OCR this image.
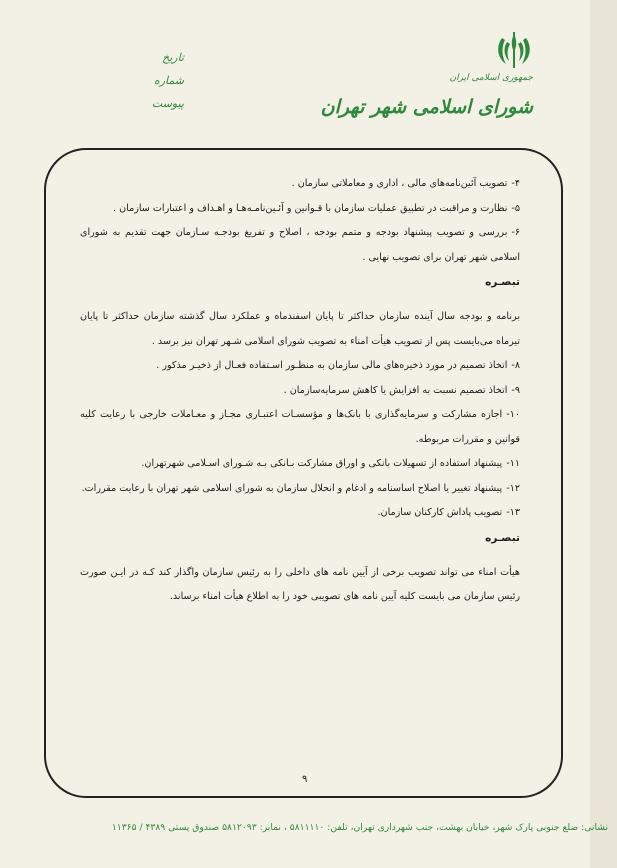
جمهوری اسلامی ایران
شورای اسلامی شهر تهران
تاریخ
شماره
پیوست

۴-تصویب آئین‌نامه‌های مالی ، اداری و معاملاتی سازمان .

۵-نظارت و مراقبت در تطبیق عملیات سازمان با قـوانین و آئـین‌نامـه‌هـا و اهـداف و اعتبارات سازمان .

۶-بررسی و تصویب پیشنهاد بودجه و متمم بودجه ، اصلاح و تفریغ بودجـه سـازمان جهت تقدیم به شورای اسلامی شهر تهران برای تصویب نهایی .

تبصـره

برنامه و بودجه سال آینده سازمان حداکثر تا پایان اسفندماه و عملکرد سال گذشته سازمان حداکثر تا پایان تیرماه می‌بایست پس از تصویب هیأت امناء به تصویب شورای اسلامی شـهر تهران نیز برسد .

۸-اتخاذ تصمیم در مورد ذخیره‌های مالی سازمان به منظـور اسـتفاده فعـال از ذخیـر مذکور .

۹-اتخاذ تصمیم نسبت به افزایش یا کاهش سرمایه‌سازمان .

۱۰-اجازه مشارکت و سرمایه‌گذاری با بانک‌ها و مؤسسـات اعتبـاری مجـاز و معـاملات خارجی با رعایت کلیه قوانین و مقررات مربوطه.

۱۱-پیشنهاد استفاده از تسهیلات بانکی و اوراق مشارکت بـانکی بـه شـورای اسـلامی شهرتهران.

۱۲-پیشنهاد تغییر یا اصلاح اساسنامه و ادغام و انحلال سازمان به شورای اسلامی شهر تهران با رعایت مقررات.

۱۳-تصویب پاداش کارکنان سازمان.

تبصـره

هیأت امناء می تواند تصویب برخی از آیین نامه های داخلی را به رئیس سازمان واگذار کند کـه در ایـن صورت رئیس سازمان می بایست کلیه آیین نامه های تصویبی خود را به اطلاع هیأت امناء برساند.

۹
نشانی: ضلع جنوبی پارک شهر، خیابان بهشت، جنب شهرداری تهران، تلفن: ۵۸۱۱۱۱۰ ، نمابر: ۵۸۱۲۰۹۳ صندوق پستی ۴۳۸۹ / ۱۱۳۶۵
